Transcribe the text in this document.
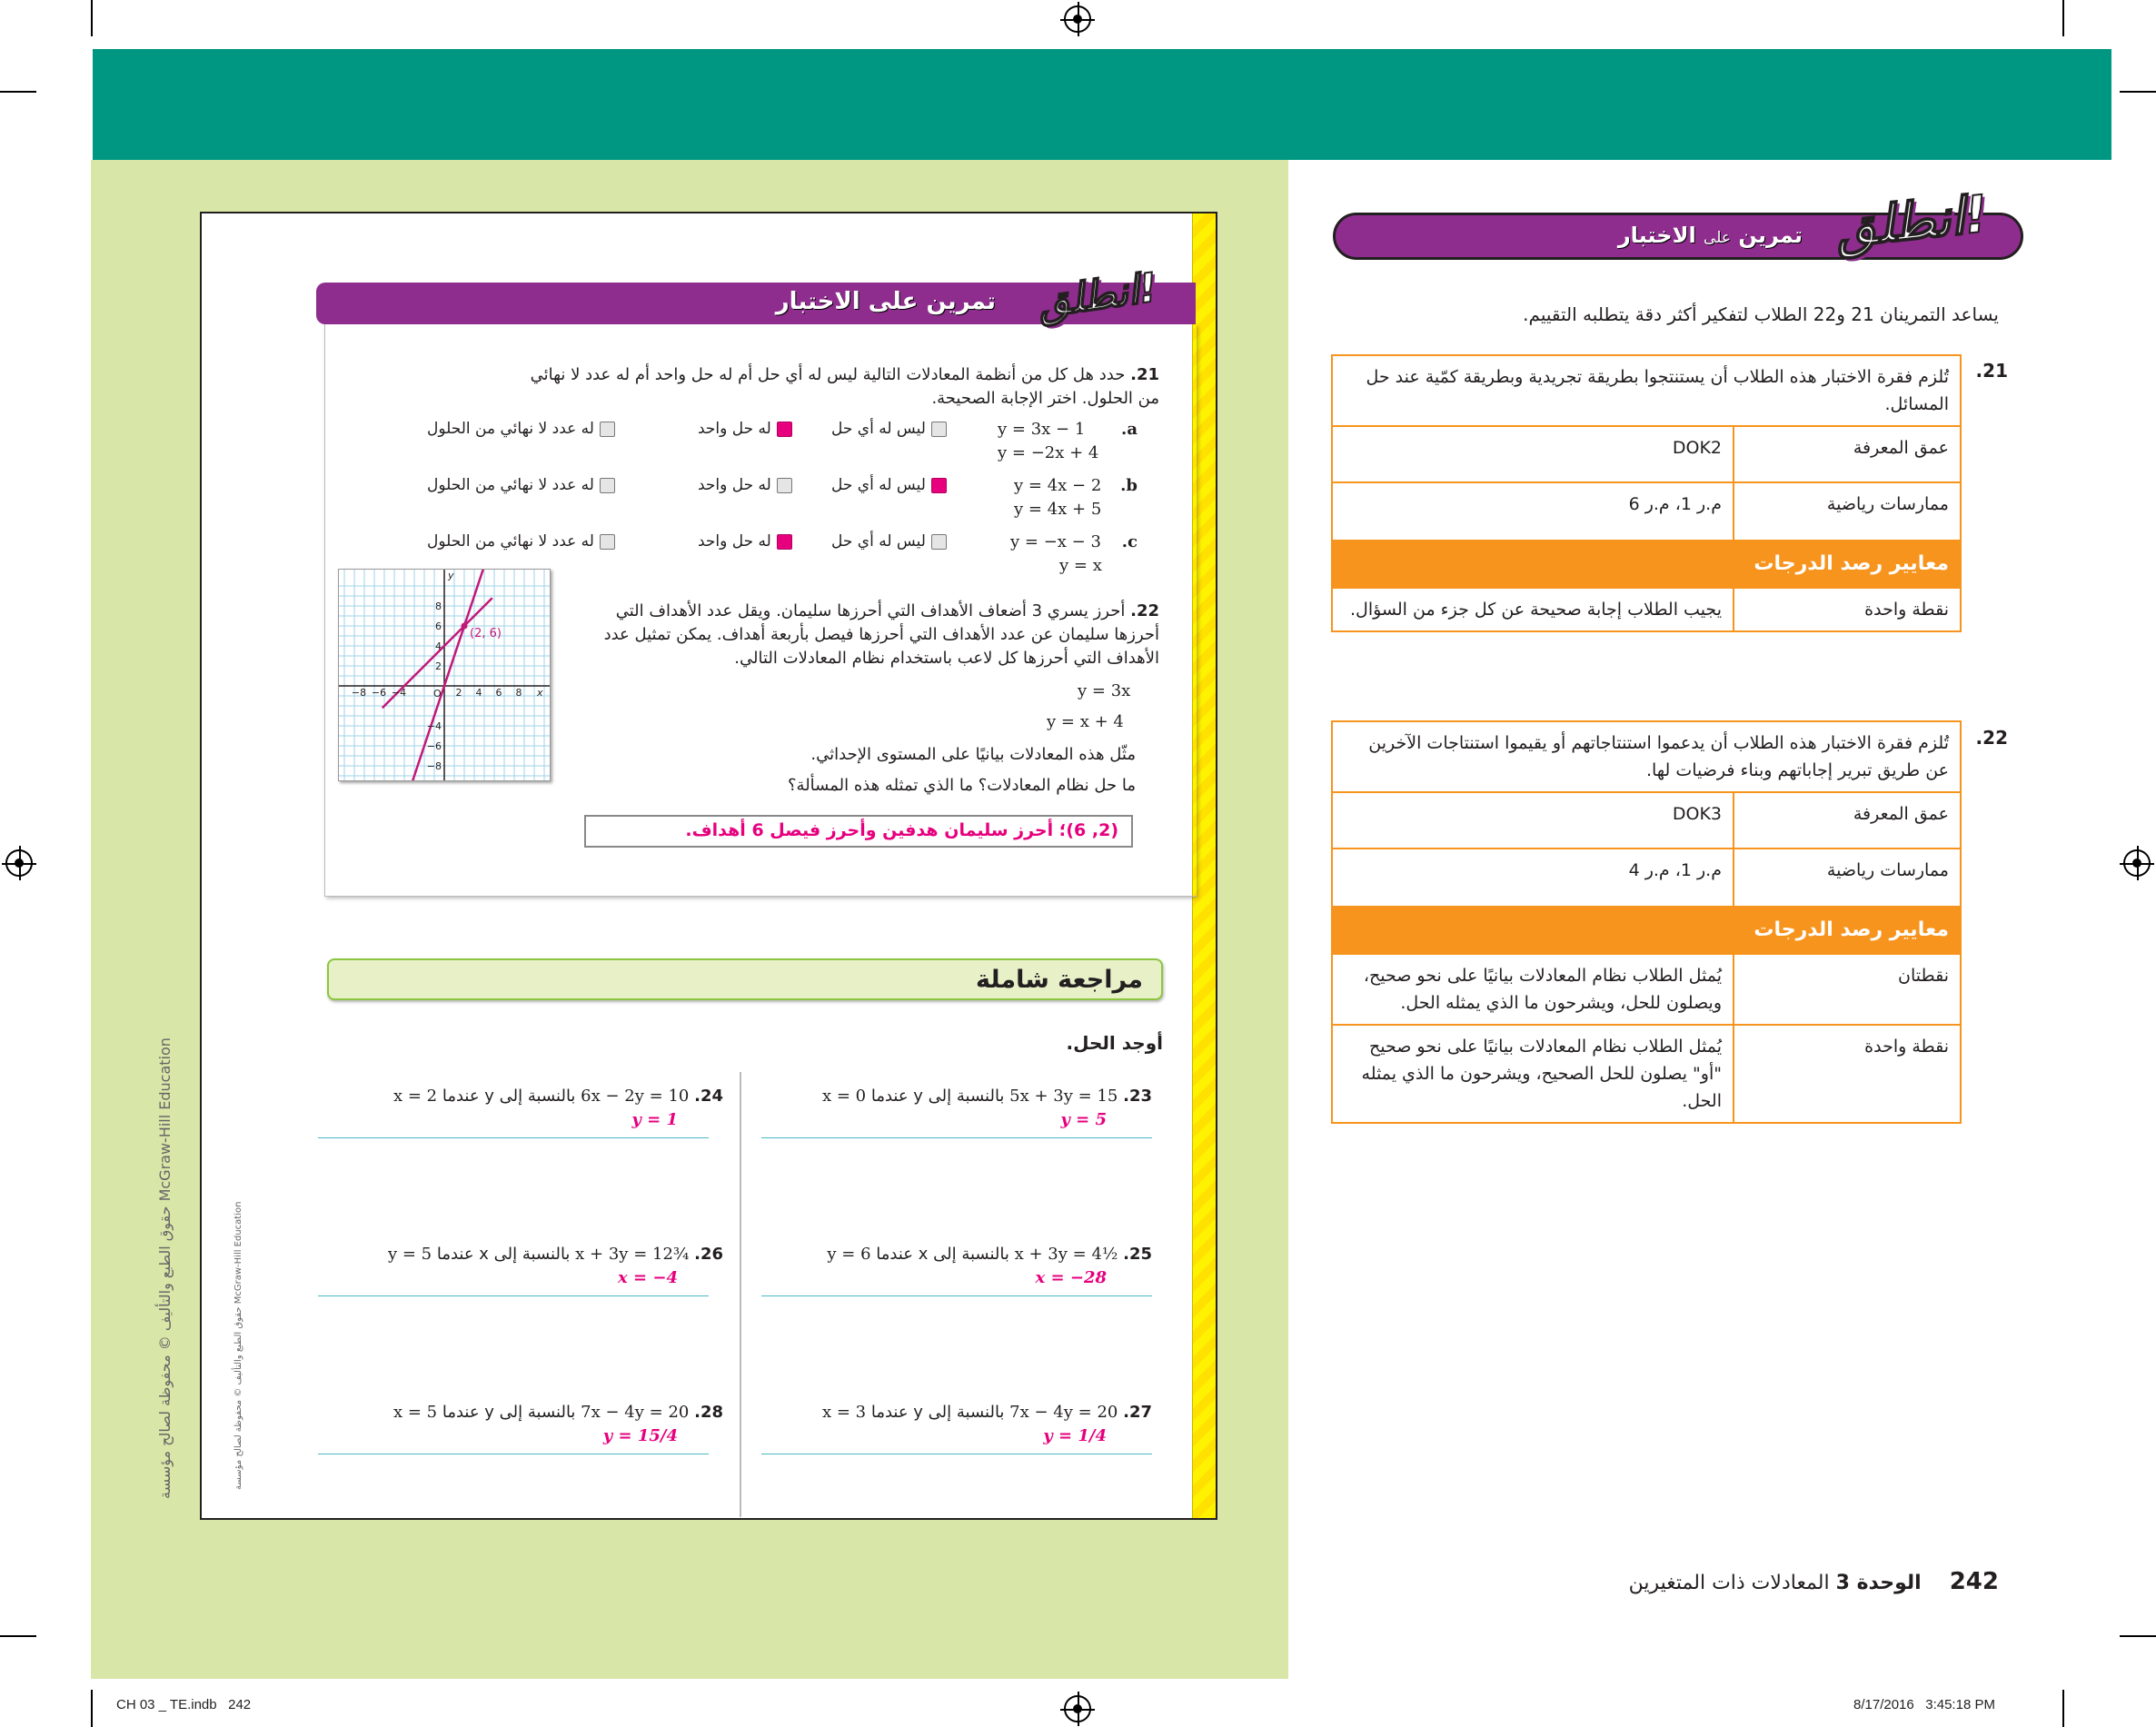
حقوق الطبع والتأليف © محفوظة لصالح مؤسسة McGraw-Hill Education
حقوق الطبع والتأليف © محفوظة لصالح مؤسسة McGraw-Hill Education
تمرين على الاختبار انطلق!
21. حدد هل كل من أنظمة المعادلات التالية ليس له أي حل أم له حل واحد أم له عدد لا نهائي من الحلول. اختر الإجابة الصحيحة.
a.
y = 3x − 1
y = −2x + 4
ليس له أي حل
له حل واحد
له عدد لا نهائي من الحلول
b.
y = 4x − 2
y = 4x + 5
ليس له أي حل
له حل واحد
له عدد لا نهائي من الحلول
c.
y = −x − 3
y = x
ليس له أي حل
له حل واحد
له عدد لا نهائي من الحلول
22. أحرز يسري 3 أضعاف الأهداف التي أحرزها سليمان. ويقل عدد الأهداف التي أحرزها سليمان عن عدد الأهداف التي أحرزها فيصل بأربعة أهداف. يمكن تمثيل عدد الأهداف التي أحرزها كل لاعب باستخدام نظام المعادلات التالي.
y = 3x
y = x + 4
مثّل هذه المعادلات بيانيًا على المستوى الإحداثي.
ما حل نظام المعادلات؟ ما الذي تمثله هذه المسألة؟
(2, 6)؛ أحرز سليمان هدفين وأحرز فيصل 6 أهداف.
−8 −6 −4	2 4 6 8
8
6
4
2
−4
−6
−8
x
y
O
(2, 6)
مراجعة شاملة
أوجد الحل.
23. 5x + 3y = 15 بالنسبة إلى y عندما x = 0
y = 5
24. 6x − 2y = 10 بالنسبة إلى y عندما x = 2
y = 1
25. x + 3y = 4½ بالنسبة إلى x عندما y = 6
x = −28
26. x + 3y = 12¾ بالنسبة إلى x عندما y = 5
x = −4
27. 7x − 4y = 20 بالنسبة إلى y عندما x = 3
y = 1/4
28. 7x − 4y = 20 بالنسبة إلى y عندما x = 5
y = 15/4
تمرين على الاختبار	انطلق!
يساعد التمرينان 21 و22 الطلاب لتفكير أكثر دقة يتطلبه التقييم.
21.
تُلزم فقرة الاختبار هذه الطلاب أن يستنتجوا بطريقة تجريدية وبطريقة كمّية عند حل المسائل.	
عمق المعرفة	DOK2
ممارسات رياضية	م.ر 1، م.ر 6
معايير رصد الدرجات	
نقطة واحدة	يجيب الطلاب إجابة صحيحة عن كل جزء من السؤال.
22.
تُلزم فقرة الاختبار هذه الطلاب أن يدعموا استنتاجاتهم أو يقيموا استنتاجات الآخرين عن طريق تبرير إجاباتهم وبناء فرضيات لها.	
عمق المعرفة	DOK3
ممارسات رياضية	م.ر 1، م.ر 4
معايير رصد الدرجات	
نقطتان	يُمثل الطلاب نظام المعادلات بيانيًا على نحو صحيح، ويصلون للحل، ويشرحون ما الذي يمثله الحل.
نقطة واحدة	يُمثل الطلاب نظام المعادلات بيانيًا على نحو صحيح "أو" يصلون للحل الصحيح، ويشرحون ما الذي يمثله الحل.
242 الوحدة 3 المعادلات ذات المتغيرين
CH 03 _ TE.indb   242	8/17/2016   3:45:18 PM
